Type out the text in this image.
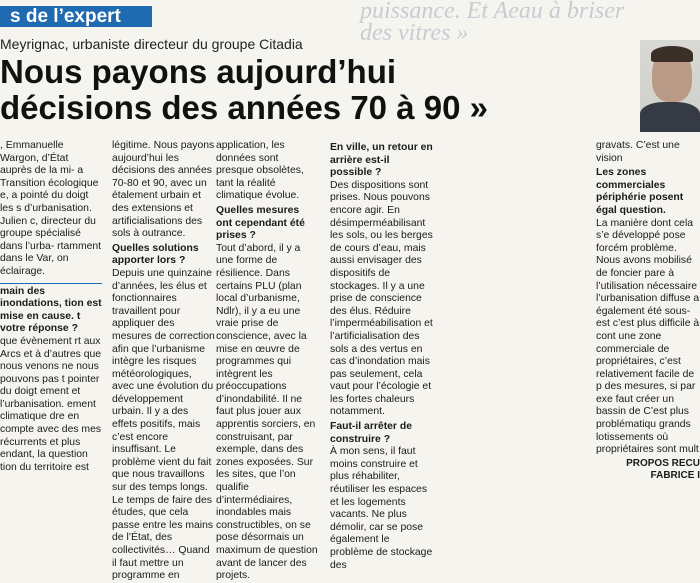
s de l’expert	puissance. Et Aeau à briser des vitres »
Meyrignac, urbaniste directeur du groupe Citadia
Nous payons aujourd’hui
décisions des années 70 à 90 »

, Emmanuelle Wargon, d’État auprès de la mi- a Transition écologique e, a pointé du doigt les s d’urbanisation. Julien c, directeur du groupe spécialisé dans l’urba- rtamment dans le Var, on éclairage.

main des inondations, tion est mise en cause. t votre réponse ?

que évènement rt aux Arcs et à d’autres que nous venons ne nous pouvons pas t pointer du doigt ement et l’urbanisation. ement climatique dre en compte avec des mes récurrents et plus endant, la question tion du territoire est

légitime. Nous payons aujourd’hui les décisions des années 70-80 et 90, avec un étalement urbain et des extensions et artificialisations des sols à outrance.

Quelles solutions apporter lors ?

Depuis une quinzaine d’années, les élus et fonctionnaires travaillent pour appliquer des mesures de correction afin que l’urbanisme intègre les risques météorologiques, avec une évolution du développement urbain. Il y a des effets positifs, mais c’est encore insuffisant. Le problème vient du fait que nous travaillons sur des temps longs. Le temps de faire des études, que cela passe entre les mains de l’État, des collectivités… Quand il faut mettre un programme en

application, les données sont presque obsolètes, tant la réalité climatique évolue.

Quelles mesures ont cependant été prises ?

Tout d’abord, il y a une forme de résilience. Dans certains PLU (plan local d’urbanisme, Ndlr), il y a eu une vraie prise de conscience, avec la mise en œuvre de programmes qui intègrent les préoccupations d’inondabilité. Il ne faut plus jouer aux apprentis sorciers, en construisant, par exemple, dans des zones exposées. Sur les sites, que l’on qualifie d’intermédiaires, inondables mais constructibles, on se pose désormais un maximum de question avant de lancer des projets.

En ville, un retour en arrière est-il possible ?

Des dispositions sont prises. Nous pouvons encore agir. En désimperméabilisant les sols, ou les berges de cours d’eau, mais aussi envisager des dispositifs de stockages. Il y a une prise de conscience des élus. Réduire l’imperméabilisation et l’artificialisation des sols a des vertus en cas d’inondation mais pas seulement, cela vaut pour l’écologie et les fortes chaleurs notamment.

Faut-il arrêter de construire ?

À mon sens, il faut moins construire et plus réhabiliter, réutiliser les espaces et les logements vacants. Ne plus démolir, car se pose également le problème de stockage des

gravats. C’est une vision

Les zones commerciales périphérie posent égal question.

La manière dont cela s’e développé pose forcém problème. Nous avons mobilisé de foncier pare à l’utilisation nécessaire l’urbanisation diffuse a également été sous-est c’est plus difficile à cont une zone commerciale de propriétaires, c’est relativement facile de p des mesures, si par exe faut créer un bassin de C’est plus problématiqu grands lotissements où propriétaires sont mult

PROPOS RECU
FABRICE I
